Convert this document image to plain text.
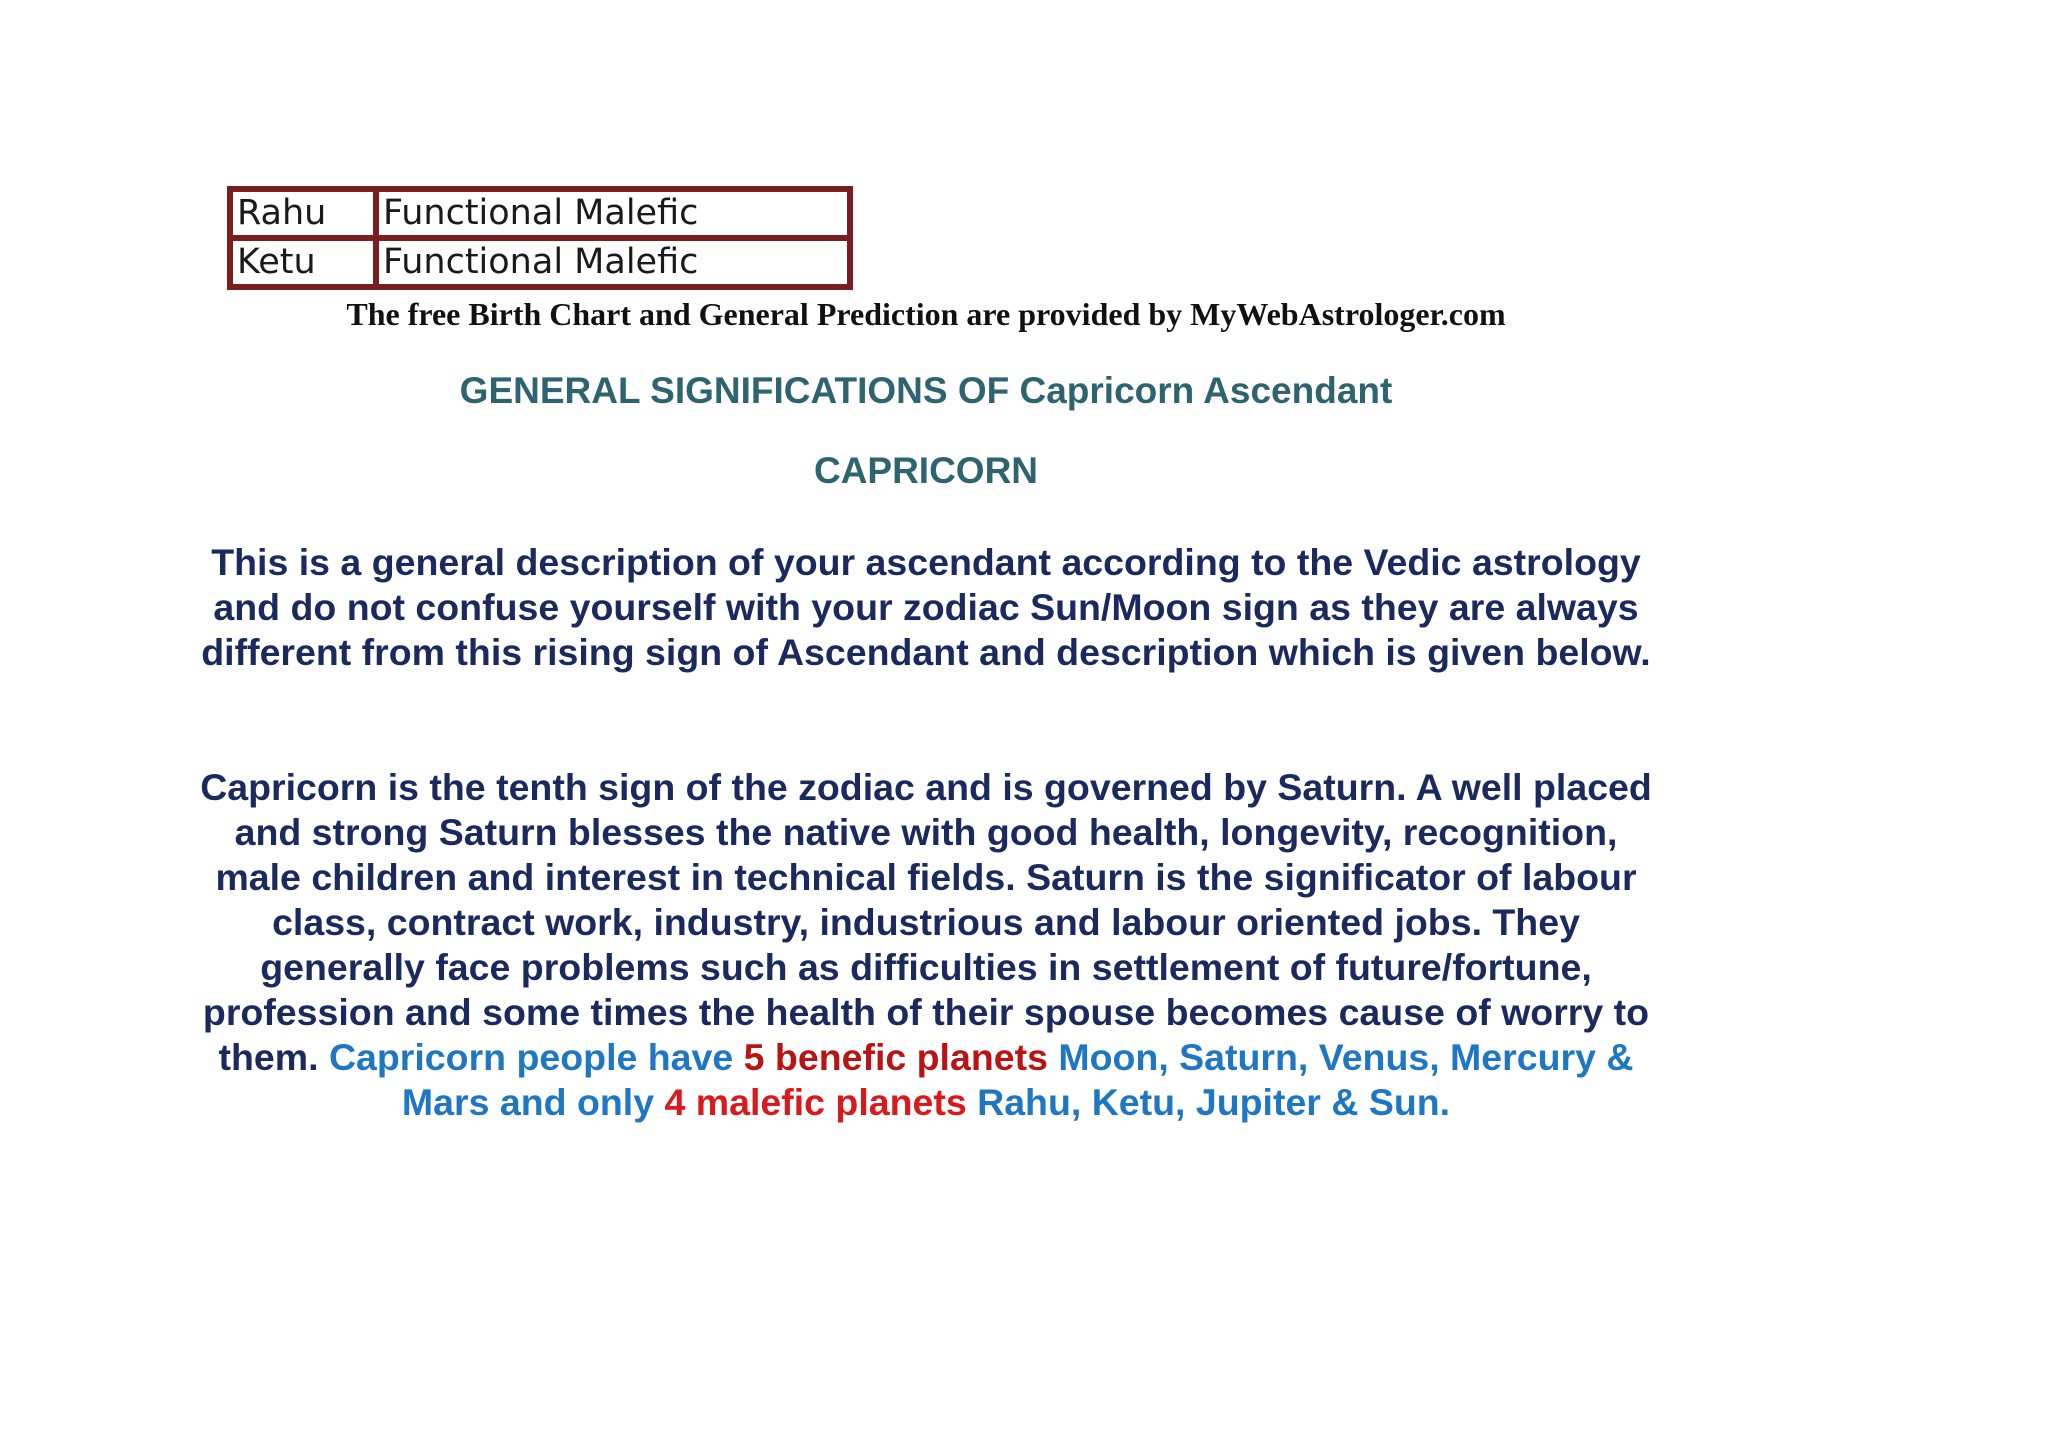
Rahu	Functional Malefic
Ketu	Functional Malefic
The free Birth Chart and General Prediction are provided by MyWebAstrologer.com
GENERAL SIGNIFICATIONS OF Capricorn Ascendant
CAPRICORN
This is a general description of your ascendant according to the Vedic astrology and do not confuse yourself with your zodiac Sun/Moon sign as they are always different from this rising sign of Ascendant and description which is given below.
Capricorn is the tenth sign of the zodiac and is governed by Saturn. A well placed and strong Saturn blesses the native with good health, longevity, recognition, male children and interest in technical fields. Saturn is the significator of labour class, contract work, industry, industrious and labour oriented jobs. They generally face problems such as difficulties in settlement of future/fortune, profession and some times the health of their spouse becomes cause of worry to them. Capricorn people have 5 benefic planets Moon, Saturn, Venus, Mercury & Mars and only 4 malefic planets Rahu, Ketu, Jupiter & Sun.
